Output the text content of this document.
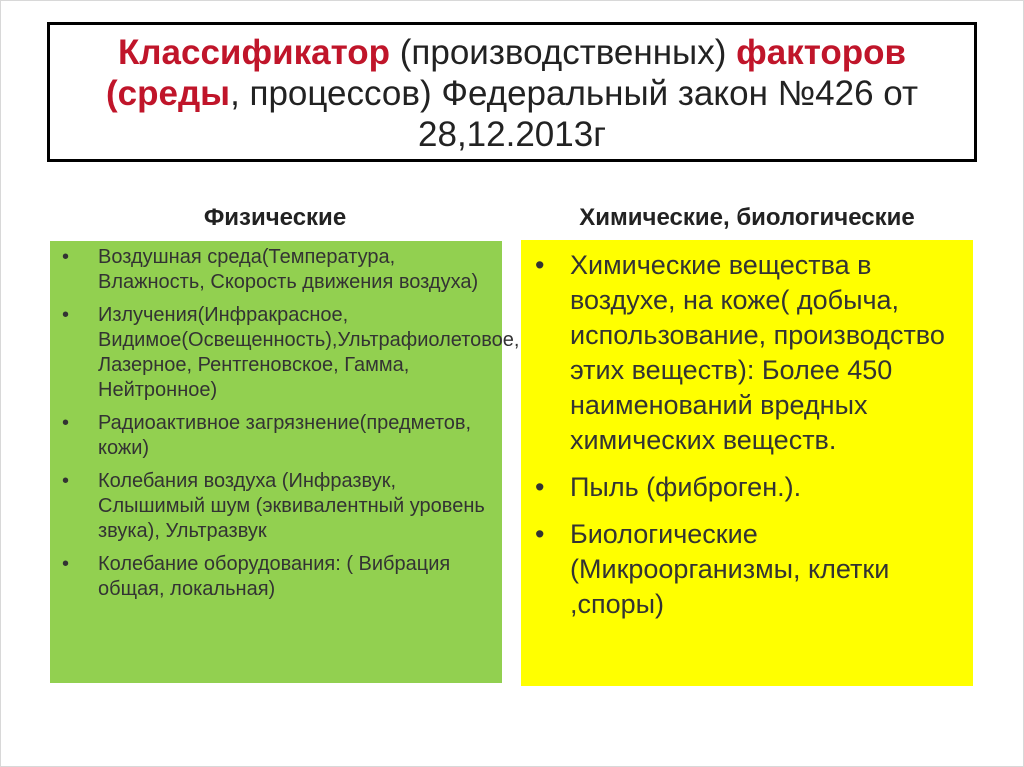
Классификатор (производственных) факторов
(среды, процессов) Федеральный закон №426 от 28,12.2013г
Физические	Химические, биологические
• Воздушная среда(Температура, Влажность, Скорость движения воздуха)
• Излучения(Инфракрасное, Видимое(Освещенность),Ультрафиолетовое, Лазерное, Рентгеновское, Гамма, Нейтронное)
• Радиоактивное загрязнение(предметов, кожи)
• Колебания воздуха (Инфразвук, Слышимый шум (эквивалентный уровень звука), Ультразвук
• Колебание оборудования: ( Вибрация общая, локальная)
• Химические вещества в воздухе, на коже( добыча, использование, производство этих веществ): Более 450 наименований вредных химических веществ.
• Пыль (фиброген.).
• Биологические (Микроорганизмы, клетки ,споры)
